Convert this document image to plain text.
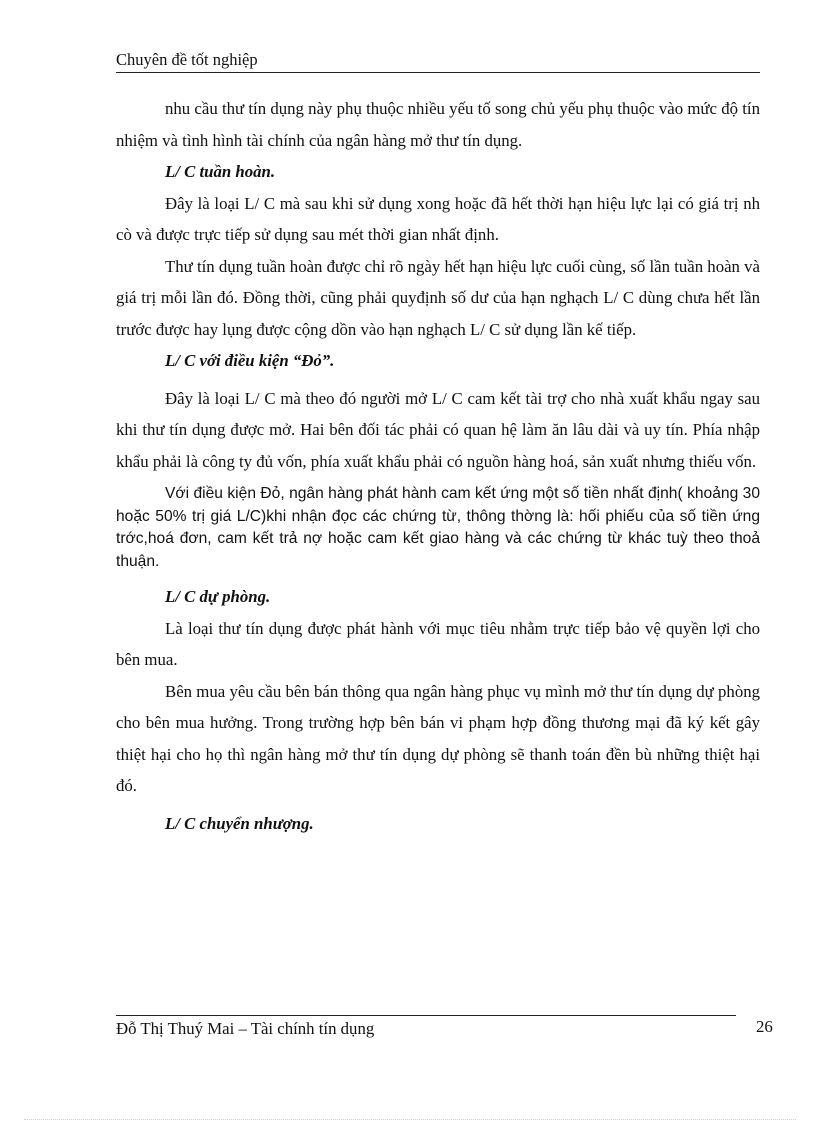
Chuyên đề tốt nghiệp

nhu cầu thư tín dụng này phụ thuộc nhiều yếu tố song chủ yếu phụ thuộc vào mức độ tín nhiệm và tình hình tài chính của ngân hàng mở thư tín dụng.

L/ C tuần hoàn.

Đây là loại L/ C mà sau khi sử dụng xong hoặc đã hết thời hạn hiệu lực lại có giá trị nh cò và được trực tiếp sử dụng sau mét thời gian nhất định.

Thư tín dụng tuần hoàn được chỉ rõ ngày hết hạn hiệu lực cuối cùng, số lần tuần hoàn và giá trị mỗi lần đó. Đồng thời, cũng phải quyđịnh số dư của hạn nghạch L/ C dùng chưa hết lần trước được hay lụng được cộng dồn vào hạn nghạch L/ C sử dụng lần kế tiếp.

L/ C với điều kiện “Đỏ”.

Đây là loại L/ C mà theo đó người mở L/ C cam kết tài trợ cho nhà xuất khẩu ngay sau khi thư tín dụng được mở. Hai bên đối tác phải có quan hệ làm ăn lâu dài và uy tín. Phía nhập khẩu phải là công ty đủ vốn, phía xuất khẩu phải có nguồn hàng hoá, sản xuất nhưng thiếu vốn.

Với điều kiện Đỏ, ngân hàng phát hành cam kết ứng một số tiền nhất định( khoảng 30 hoặc 50% trị giá L/C)khi nhận đọc các chứng từ, thông thờng là: hối phiếu của số tiền ứng trớc,hoá đơn, cam kết trả nợ hoặc cam kết giao hàng và các chứng từ khác tuỳ theo thoả thuận.

L/ C dự phòng.

Là loại thư tín dụng được phát hành với mục tiêu nhằm trực tiếp bảo vệ quyền lợi cho bên mua.

Bên mua yêu cầu bên bán thông qua ngân hàng phục vụ mình mở thư tín dụng dự phòng cho bên mua hưởng. Trong trường hợp bên bán vi phạm hợp đồng thương mại đã ký kết gây thiệt hại cho họ thì ngân hàng mở thư tín dụng dự phòng sẽ thanh toán đền bù những thiệt hại đó.

L/ C chuyển nhượng.

Đỗ Thị Thuý Mai – Tài chính tín dụng	26
